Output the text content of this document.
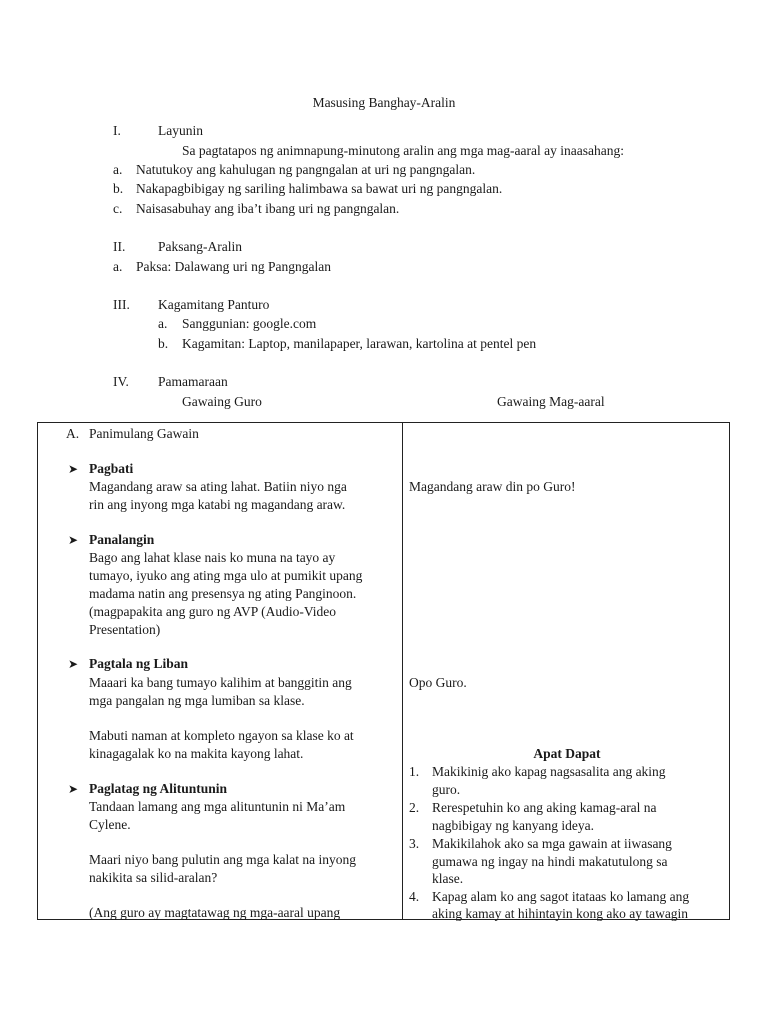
Masusing Banghay-Aralin
I.	Layunin
Sa pagtatapos ng animnapung-minutong aralin ang mga mag-aaral ay inaasahang:
a. Natutukoy ang kahulugan ng pangngalan at uri ng pangngalan.
b. Nakapagbibigay ng sariling halimbawa sa bawat uri ng pangngalan.
c. Naisasabuhay ang iba’t ibang uri ng pangngalan.
II. Paksang-Aralin
a. Paksa: Dalawang uri ng Pangngalan
III. Kagamitang Panturo
a. Sanggunian: google.com
b. Kagamitan: Laptop, manilapaper, larawan, kartolina at pentel pen
IV. Pamamaraan
Gawaing Guro	Gawaing Mag-aaral
A. Panimulang Gawain
➤ Pagbati
Magandang araw sa ating lahat. Batiin niyo nga
rin ang inyong mga katabi ng magandang araw.
➤ Panalangin
Bago ang lahat klase nais ko muna na tayo ay
tumayo, iyuko ang ating mga ulo at pumikit upang
madama natin ang presensya ng ating Panginoon.
(magpapakita ang guro ng AVP (Audio-Video
Presentation)
➤ Pagtala ng Liban
Maaari ka bang tumayo kalihim at banggitin ang
mga pangalan ng mga lumiban sa klase.
Mabuti naman at kompleto ngayon sa klase ko at
kinagagalak ko na makita kayong lahat.
➤ Paglatag ng Alituntunin
Tandaan lamang ang mga alituntunin ni Ma’am
Cylene.
Maari niyo bang pulutin ang mga kalat na inyong
nakikita sa silid-aralan?
(Ang guro ay magtatawag ng mga-aaral upang
Magandang araw din po Guro!
Opo Guro.
Apat Dapat
1. Makikinig ako kapag nagsasalita ang aking
guro.
2. Rerespetuhin ko ang aking kamag-aral na
nagbibigay ng kanyang ideya.
3. Makikilahok ako sa mga gawain at iiwasang
gumawa ng ingay na hindi makatutulong sa
klase.
4. Kapag alam ko ang sagot itataas ko lamang ang
aking kamay at hihintayin kong ako ay tawagin
